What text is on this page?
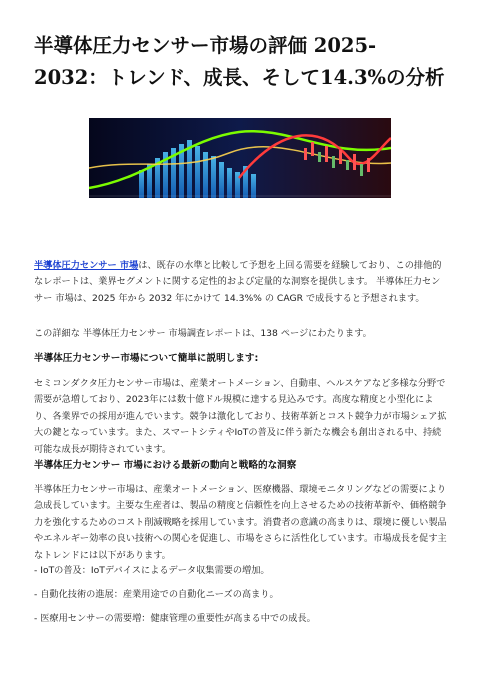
半導体圧力センサー市場の評価 2025-2032：トレンド、成長、そして14.3%の分析

半導体圧力センサー 市場は、既存の水準と比較して予想を上回る需要を経験しており、この排他的なレポートは、業界セグメントに関する定性的および定量的な洞察を提供します。 半導体圧力センサー 市場は、2025 年から 2032 年にかけて 14.3%% の CAGR で成長すると予想されます。

この詳細な 半導体圧力センサー 市場調査レポートは、138 ページにわたります。

半導体圧力センサー市場について簡単に説明します:

セミコンダクタ圧力センサー市場は、産業オートメーション、自動車、ヘルスケアなど多様な分野で需要が急増しており、2023年には数十億ドル規模に達する見込みです。高度な精度と小型化により、各業界での採用が進んでいます。競争は激化しており、技術革新とコスト競争力が市場シェア拡大の鍵となっています。また、スマートシティやIoTの普及に伴う新たな機会も創出される中、持続可能な成長が期待されています。

半導体圧力センサー 市場における最新の動向と戦略的な洞察

半導体圧力センサー市場は、産業オートメーション、医療機器、環境モニタリングなどの需要により急成長しています。主要な生産者は、製品の精度と信頼性を向上させるための技術革新や、価格競争力を強化するためのコスト削減戦略を採用しています。消費者の意識の高まりは、環境に優しい製品やエネルギー効率の良い技術への関心を促進し、市場をさらに活性化しています。市場成長を促す主なトレンドには以下があります。

- IoTの普及：IoTデバイスによるデータ収集需要の増加。

- 自動化技術の進展：産業用途での自動化ニーズの高まり。

- 医療用センサーの需要増：健康管理の重要性が高まる中での成長。
